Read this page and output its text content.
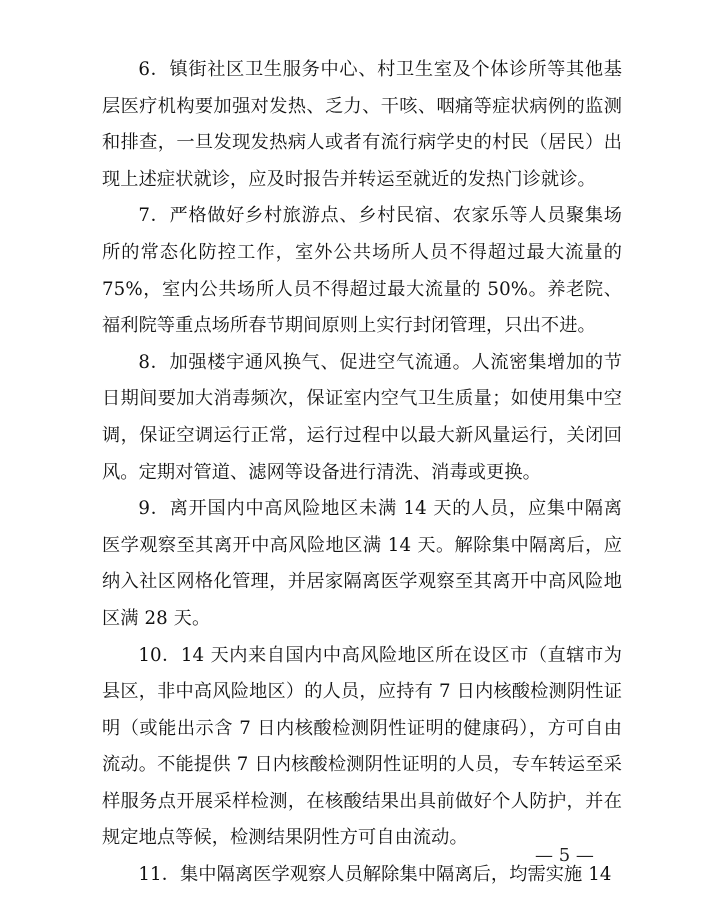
6．镇街社区卫生服务中心、村卫生室及个体诊所等其他基层医疗机构要加强对发热、乏力、干咳、咽痛等症状病例的监测和排查，一旦发现发热病人或者有流行病学史的村民（居民）出现上述症状就诊，应及时报告并转运至就近的发热门诊就诊。

7．严格做好乡村旅游点、乡村民宿、农家乐等人员聚集场所的常态化防控工作，室外公共场所人员不得超过最大流量的75%，室内公共场所人员不得超过最大流量的 50%。养老院、福利院等重点场所春节期间原则上实行封闭管理，只出不进。

8．加强楼宇通风换气、促进空气流通。人流密集增加的节日期间要加大消毒频次，保证室内空气卫生质量；如使用集中空调，保证空调运行正常，运行过程中以最大新风量运行，关闭回风。定期对管道、滤网等设备进行清洗、消毒或更换。

9．离开国内中高风险地区未满 14 天的人员，应集中隔离医学观察至其离开中高风险地区满 14 天。解除集中隔离后，应纳入社区网格化管理，并居家隔离医学观察至其离开中高风险地区满 28 天。

10．14 天内来自国内中高风险地区所在设区市（直辖市为县区，非中高风险地区）的人员，应持有 7 日内核酸检测阴性证明（或能出示含 7 日内核酸检测阴性证明的健康码），方可自由流动。不能提供 7 日内核酸检测阴性证明的人员，专车转运至采样服务点开展采样检测，在核酸结果出具前做好个人防护，并在规定地点等候，检测结果阴性方可自由流动。

11．集中隔离医学观察人员解除集中隔离后，均需实施 14

— 5 —
